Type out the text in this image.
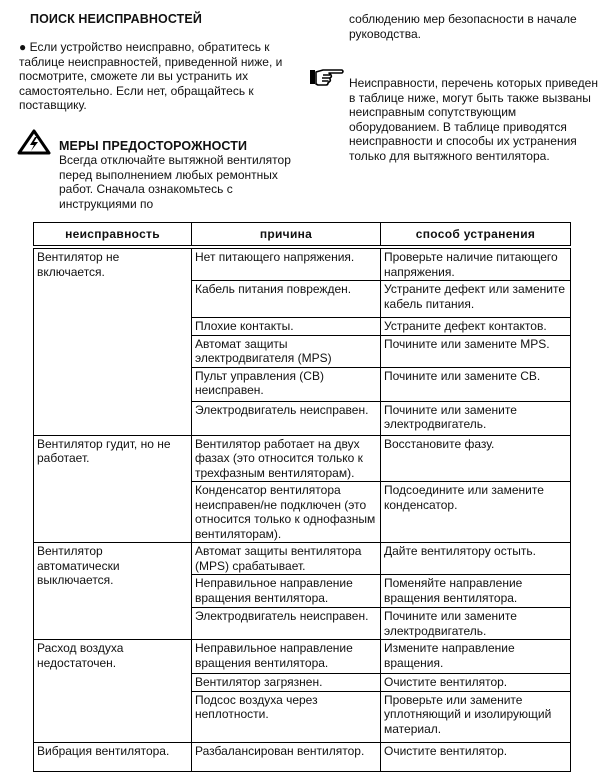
ПОИСК НЕИСПРАВНОСТЕЙ
● Если устройство неисправно, обратитесь к таблице неисправностей, приведенной ниже, и посмотрите, сможете ли вы устранить их самостоятельно. Если нет, обращайтесь к поставщику.
МЕРЫ ПРЕДОСТОРОЖНОСТИ
Всегда отключайте вытяжной вентилятор перед выполнением любых ремонтных работ. Сначала ознакомьтесь с инструкциями по
соблюдению мер безопасности в начале руководства.
Неисправности, перечень которых приведен в таблице ниже, могут быть также вызваны неисправным сопутствующим оборудованием. В таблице приводятся неисправности и способы их устранения только для вытяжного вентилятора.
неисправность	причина	способ устранения
Вентилятор не включается.	Нет питающего напряжения.	Проверьте наличие питающего напряжения.
	Кабель питания поврежден.	Устраните дефект или замените кабель питания.
	Плохие контакты.	Устраните дефект контактов.
	Автомат защиты электродвигателя (MPS)	Почините или замените MPS.
	Пульт управления (CB) неисправен.	Почините или замените CB.
	Электродвигатель неисправен.	Почините или замените электродвигатель.
Вентилятор гудит, но не работает.	Вентилятор работает на двух фазах (это относится только к трехфазным вентиляторам).	Восстановите фазу.
	Конденсатор вентилятора неисправен/не подключен (это относится только к однофазным вентиляторам).	Подсоедините или замените конденсатор.
Вентилятор автоматически выключается.	Автомат защиты вентилятора (MPS) срабатывает.	Дайте вентилятору остыть.
	Неправильное направление вращения вентилятора.	Поменяйте направление вращения вентилятора.
	Электродвигатель неисправен.	Почините или замените электродвигатель.
Расход воздуха недостаточен.	Неправильное направление вращения вентилятора.	Измените направление вращения.
	Вентилятор загрязнен.	Очистите вентилятор.
	Подсос воздуха через неплотности.	Проверьте или замените уплотняющий и изолирующий материал.
Вибрация вентилятора.	Разбалансирован вентилятор.	Очистите вентилятор.
